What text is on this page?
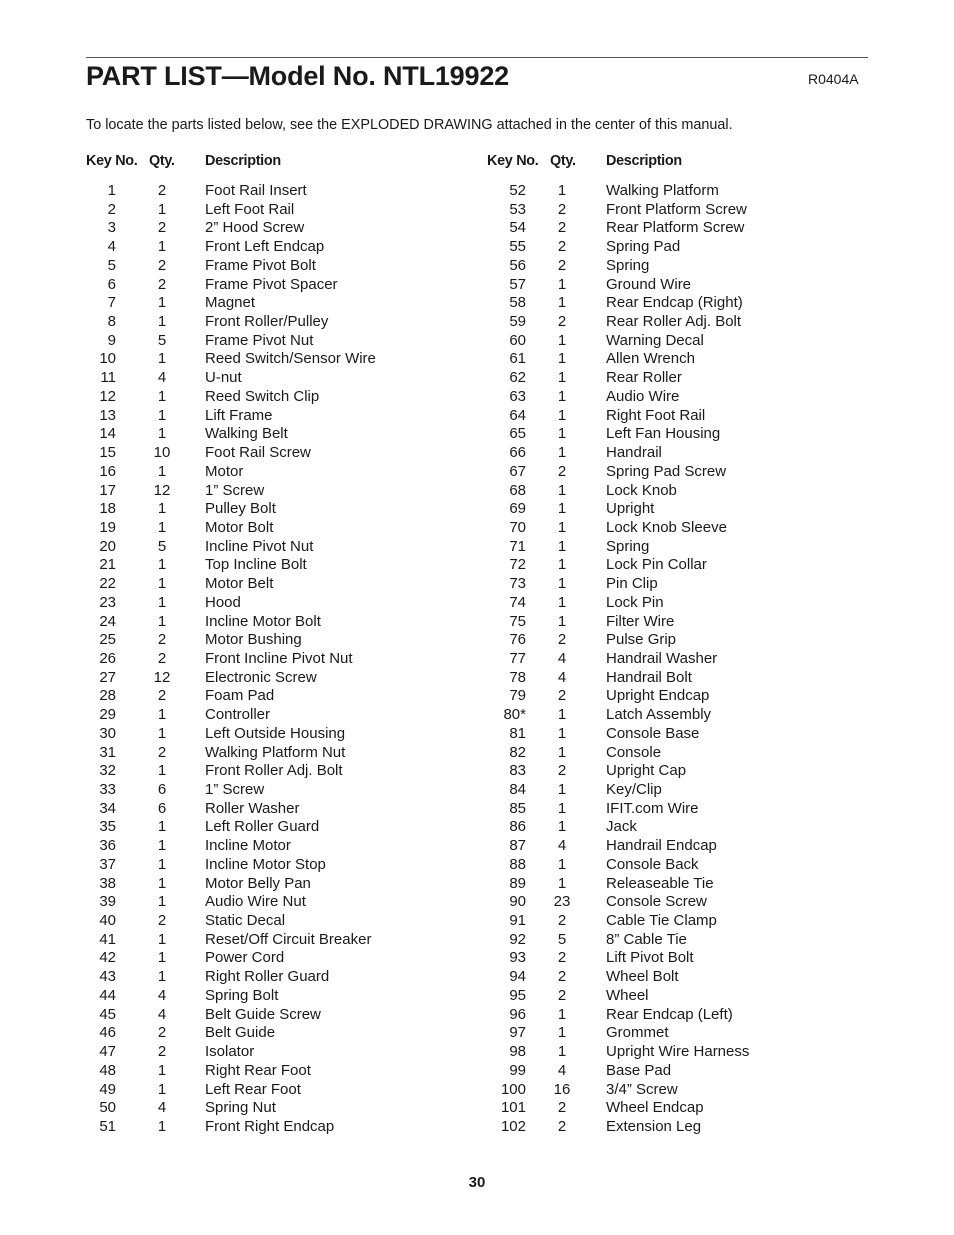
PART LIST—Model No. NTL19922	R0404A
To locate the parts listed below, see the EXPLODED DRAWING attached in the center of this manual.
Key No. Qty. Description	Key No. Qty. Description
1	2	Foot Rail Insert
2	1	Left Foot Rail
3	2	2” Hood Screw
4	1	Front Left Endcap
5	2	Frame Pivot Bolt
6	2	Frame Pivot Spacer
7	1	Magnet
8	1	Front Roller/Pulley
9	5	Frame Pivot Nut
10	1	Reed Switch/Sensor Wire
11	4	U-nut
12	1	Reed Switch Clip
13	1	Lift Frame
14	1	Walking Belt
15	10	Foot Rail Screw
16	1	Motor
17	12	1” Screw
18	1	Pulley Bolt
19	1	Motor Bolt
20	5	Incline Pivot Nut
21	1	Top Incline Bolt
22	1	Motor Belt
23	1	Hood
24	1	Incline Motor Bolt
25	2	Motor Bushing
26	2	Front Incline Pivot Nut
27	12	Electronic Screw
28	2	Foam Pad
29	1	Controller
30	1	Left Outside Housing
31	2	Walking Platform Nut
32	1	Front Roller Adj. Bolt
33	6	1” Screw
34	6	Roller Washer
35	1	Left Roller Guard
36	1	Incline Motor
37	1	Incline Motor Stop
38	1	Motor Belly Pan
39	1	Audio Wire Nut
40	2	Static Decal
41	1	Reset/Off Circuit Breaker
42	1	Power Cord
43	1	Right Roller Guard
44	4	Spring Bolt
45	4	Belt Guide Screw
46	2	Belt Guide
47	2	Isolator
48	1	Right Rear Foot
49	1	Left Rear Foot
50	4	Spring Nut
51	1	Front Right Endcap
52	1	Walking Platform
53	2	Front Platform Screw
54	2	Rear Platform Screw
55	2	Spring Pad
56	2	Spring
57	1	Ground Wire
58	1	Rear Endcap (Right)
59	2	Rear Roller Adj. Bolt
60	1	Warning Decal
61	1	Allen Wrench
62	1	Rear Roller
63	1	Audio Wire
64	1	Right Foot Rail
65	1	Left Fan Housing
66	1	Handrail
67	2	Spring Pad Screw
68	1	Lock Knob
69	1	Upright
70	1	Lock Knob Sleeve
71	1	Spring
72	1	Lock Pin Collar
73	1	Pin Clip
74	1	Lock Pin
75	1	Filter Wire
76	2	Pulse Grip
77	4	Handrail Washer
78	4	Handrail Bolt
79	2	Upright Endcap
80*	1	Latch Assembly
81	1	Console Base
82	1	Console
83	2	Upright Cap
84	1	Key/Clip
85	1	IFIT.com Wire
86	1	Jack
87	4	Handrail Endcap
88	1	Console Back
89	1	Releaseable Tie
90	23	Console Screw
91	2	Cable Tie Clamp
92	5	8” Cable Tie
93	2	Lift Pivot Bolt
94	2	Wheel Bolt
95	2	Wheel
96	1	Rear Endcap (Left)
97	1	Grommet
98	1	Upright Wire Harness
99	4	Base Pad
100	16	3/4” Screw
101	2	Wheel Endcap
102	2	Extension Leg
30
